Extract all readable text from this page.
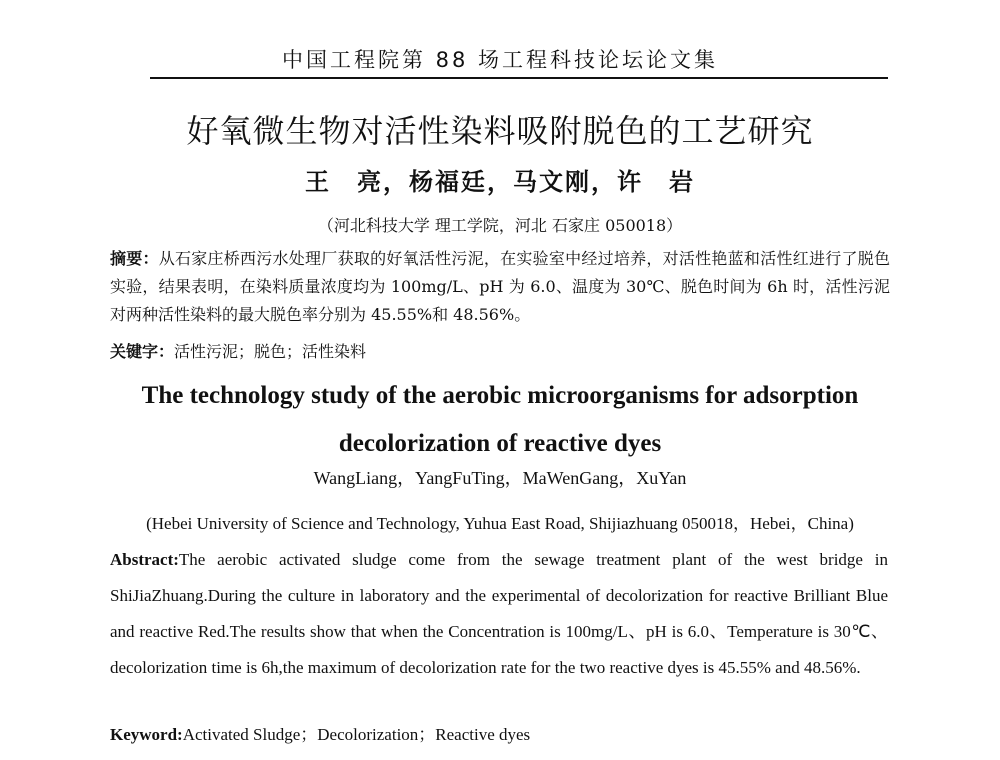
中国工程院第 88 场工程科技论坛论文集
好氧微生物对活性染料吸附脱色的工艺研究
王　亮，杨福廷，马文刚，许　岩
（河北科技大学 理工学院，河北 石家庄 050018）
摘要：从石家庄桥西污水处理厂获取的好氧活性污泥，在实验室中经过培养，对活性艳蓝和活性红进行了脱色实验，结果表明，在染料质量浓度均为 100mg/L、pH 为 6.0、温度为 30℃、脱色时间为 6h 时，活性污泥对两种活性染料的最大脱色率分别为 45.55%和 48.56%。
关键字：活性污泥；脱色；活性染料
The technology study of the aerobic microorganisms for adsorption
decolorization of reactive dyes
WangLiang，YangFuTing，MaWenGang，XuYan
(Hebei University of Science and Technology, Yuhua East Road, Shijiazhuang 050018，Hebei，China)
Abstract:The aerobic activated sludge come from the sewage treatment plant of the west bridge in ShiJiaZhuang.During the culture in laboratory and the experimental of decolorization for reactive Brilliant Blue and reactive Red.The results show that when the Concentration is 100mg/L、pH is 6.0、Temperature is 30℃、decolorization time is 6h,the maximum of decolorization rate for the two reactive dyes is 45.55% and 48.56%.
Keyword:Activated Sludge；Decolorization；Reactive dyes
